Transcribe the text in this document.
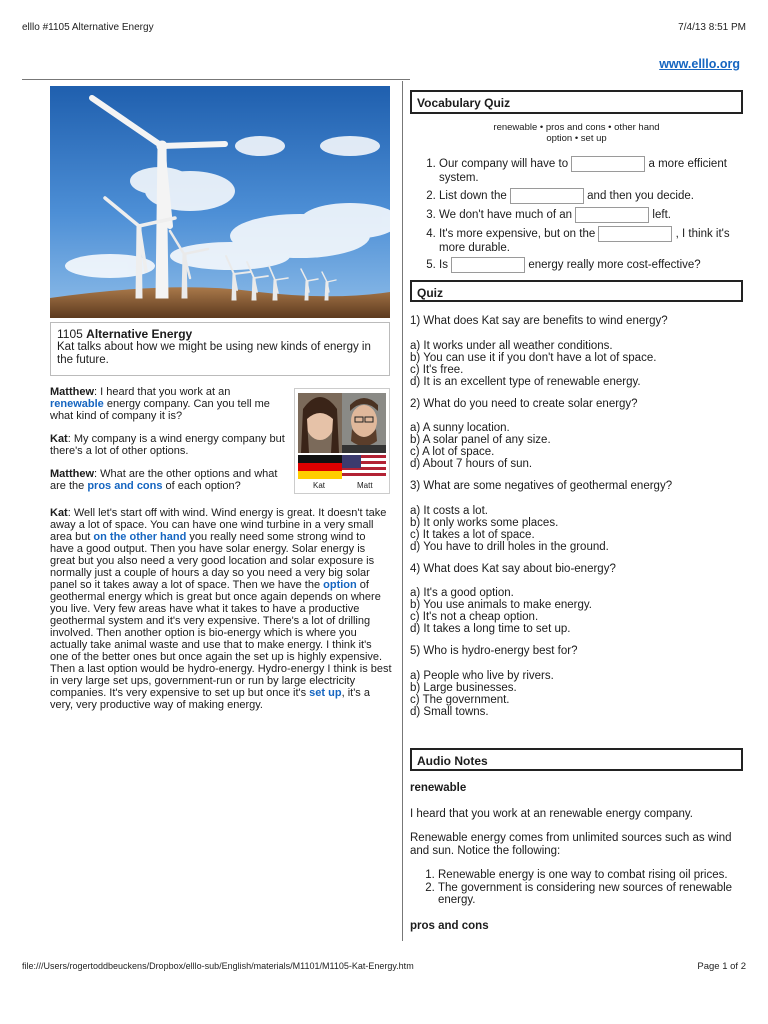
elllo #1105 Alternative Energy	7/4/13 8:51 PM
www.elllo.org
1105 Alternative Energy
Kat talks about how we might be using new kinds of energy in the future.
Kat	Matt

Matthew: I heard that you work at an renewable energy company. Can you tell me what kind of company it is?

Kat: My company is a wind energy company but there's a lot of other options.

Matthew: What are the other options and what are the pros and cons of each option?

Kat: Well let's start off with wind. Wind energy is great. It doesn't take away a lot of space. You can have one wind turbine in a very small area but on the other hand you really need some strong wind to have a good output. Then you have solar energy. Solar energy is great but you also need a very good location and solar exposure is normally just a couple of hours a day so you need a very big solar panel so it takes away a lot of space. Then we have the option of geothermal energy which is great but once again depends on where you live. Very few areas have what it takes to have a productive geothermal system and it's very expensive. There's a lot of drilling involved. Then another option is bio-energy which is where you actually take animal waste and use that to make energy. I think it's one of the better ones but once again the set up is highly expensive. Then a last option would be hydro-energy. Hydro-energy I think is best in very large set ups, government-run or run by large electricity companies. It's very expensive to set up but once it's set up, it's a very, very productive way of making energy.

Vocabulary Quiz
renewable • pros and cons • other hand
option • set up
1. Our company will have to	a more efficient system.
2. List down the	and then you decide.
3. We don't have much of an	left.
4. It's more expensive, but on the	, I think it's more durable.
5. Is	energy really more cost-effective?
Quiz
1) What does Kat say are benefits to wind energy?
a) It works under all weather conditions.
b) You can use it if you don't have a lot of space.
c) It's free.
d) It is an excellent type of renewable energy.
2) What do you need to create solar energy?
a) A sunny location.
b) A solar panel of any size.
c) A lot of space.
d) About 7 hours of sun.
3) What are some negatives of geothermal energy?
a) It costs a lot.
b) It only works some places.
c) It takes a lot of space.
d) You have to drill holes in the ground.
4) What does Kat say about bio-energy?
a) It's a good option.
b) You use animals to make energy.
c) It's not a cheap option.
d) It takes a long time to set up.
5) Who is hydro-energy best for?
a) People who live by rivers.
b) Large businesses.
c) The government.
d) Small towns.
Audio Notes
renewable
I heard that you work at an renewable energy company.
Renewable energy comes from unlimited sources such as wind and sun. Notice the following:
1. Renewable energy is one way to combat rising oil prices.
2. The government is considering new sources of renewable energy.
pros and cons
file:///Users/rogertoddbeuckens/Dropbox/elllo-sub/English/materials/M1101/M1105-Kat-Energy.htm	Page 1 of 2
